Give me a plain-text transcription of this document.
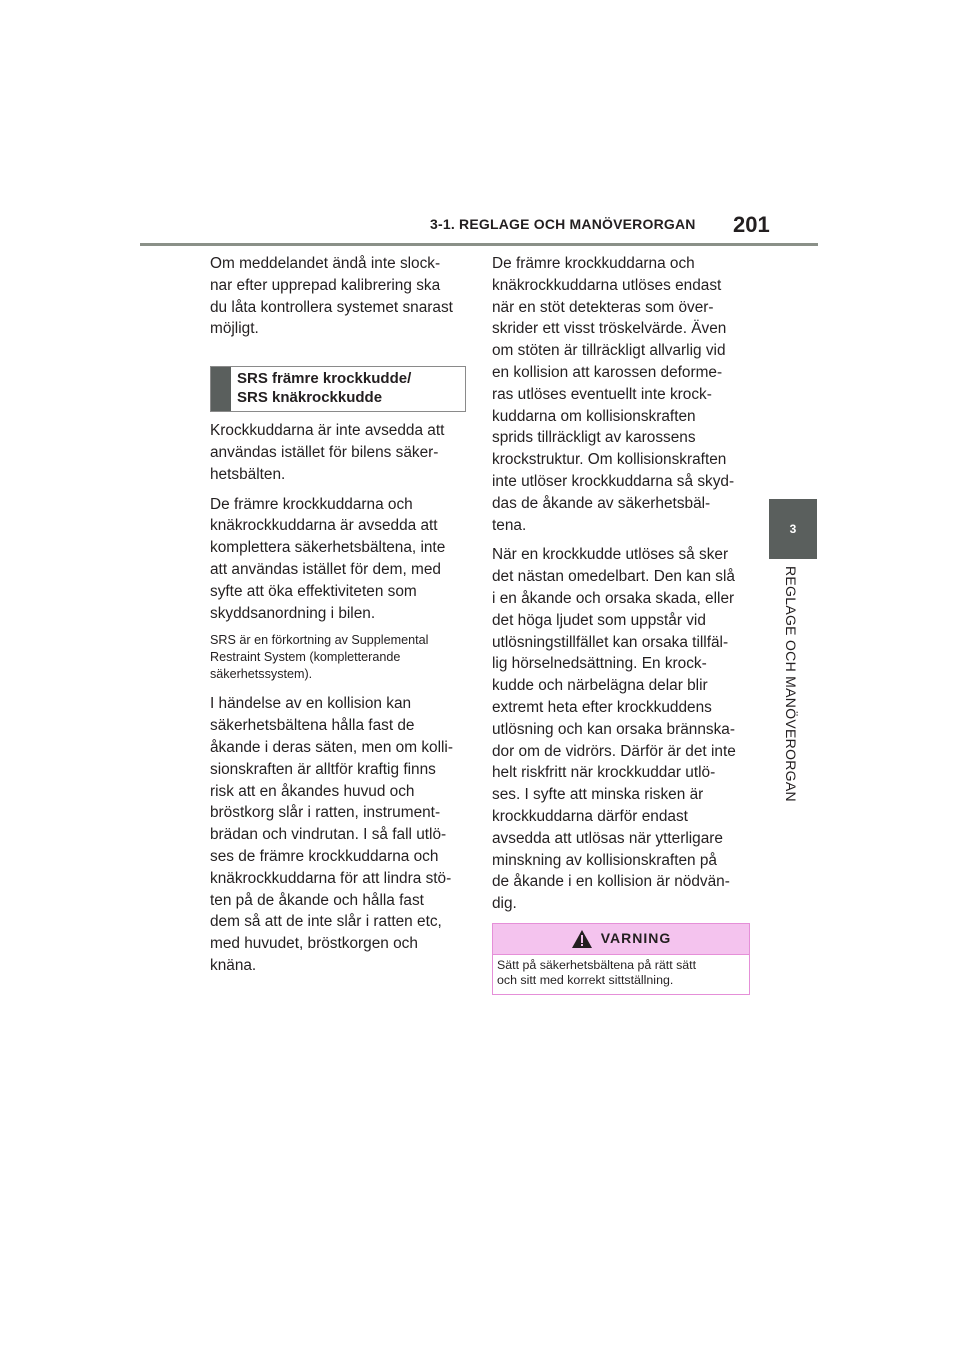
3-1. REGLAGE OCH MANÖVERORGAN 201
3
REGLAGE OCH MANÖVERORGAN

Om meddelandet ändå inte slock-
nar efter upprepad kalibrering ska
du låta kontrollera systemet snarast
möjligt.

SRS främre krockkudde/
SRS knäkrockkudde

Krockkuddarna är inte avsedda att
användas istället för bilens säker-
hetsbälten.

De främre krockkuddarna och
knäkrockkuddarna är avsedda att
komplettera säkerhetsbältena, inte
att användas istället för dem, med
syfte att öka effektiviteten som
skyddsanordning i bilen.

SRS är en förkortning av Supplemental
Restraint System (kompletterande
säkerhetssystem).

I händelse av en kollision kan
säkerhetsbältena hålla fast de
åkande i deras säten, men om kolli-
sionskraften är alltför kraftig finns
risk att en åkandes huvud och
bröstkorg slår i ratten, instrument-
brädan och vindrutan. I så fall utlö-
ses de främre krockkuddarna och
knäkrockkuddarna för att lindra stö-
ten på de åkande och hålla fast
dem så att de inte slår i ratten etc,
med huvudet, bröstkorgen och
knäna.

De främre krockkuddarna och
knäkrockkuddarna utlöses endast
när en stöt detekteras som över-
skrider ett visst tröskelvärde. Även
om stöten är tillräckligt allvarlig vid
en kollision att karossen deforme-
ras utlöses eventuellt inte krock-
kuddarna om kollisionskraften
sprids tillräckligt av karossens
krockstruktur. Om kollisionskraften
inte utlöser krockkuddarna så skyd-
das de åkande av säkerhetsbäl-
tena.

När en krockkudde utlöses så sker
det nästan omedelbart. Den kan slå
i en åkande och orsaka skada, eller
det höga ljudet som uppstår vid
utlösningstillfället kan orsaka tillfäl-
lig hörselnedsättning. En krock-
kudde och närbelägna delar blir
extremt heta efter krockkuddens
utlösning och kan orsaka brännska-
dor om de vidrörs. Därför är det inte
helt riskfritt när krockkuddar utlö-
ses. I syfte att minska risken är
krockkuddarna därför endast
avsedda att utlösas när ytterligare
minskning av kollisionskraften på
de åkande i en kollision är nödvän-
dig.

VARNING
Sätt på säkerhetsbältena på rätt sätt
och sitt med korrekt sittställning.
